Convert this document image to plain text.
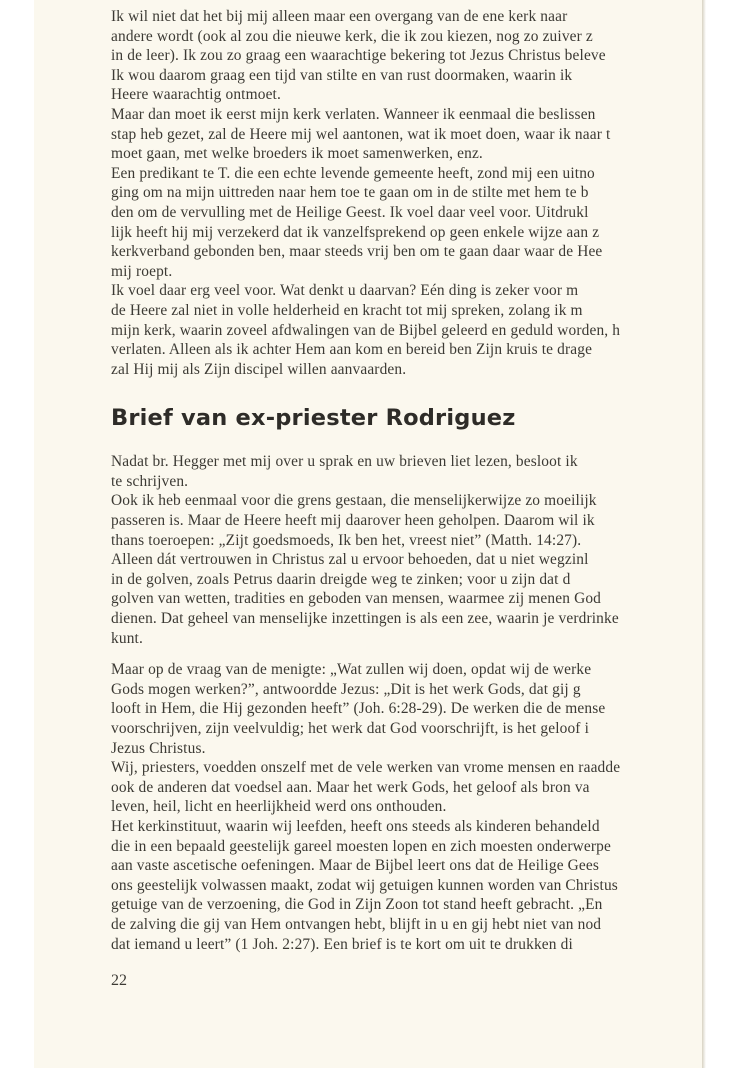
Ik wil niet dat het bij mij alleen maar een overgang van de ene kerk naar
andere wordt (ook al zou die nieuwe kerk, die ik zou kiezen, nog zo zuiver z
in de leer). Ik zou zo graag een waarachtige bekering tot Jezus Christus beleve
Ik wou daarom graag een tijd van stilte en van rust doormaken, waarin ik
Heere waarachtig ontmoet.

Maar dan moet ik eerst mijn kerk verlaten. Wanneer ik eenmaal die beslissen
stap heb gezet, zal de Heere mij wel aantonen, wat ik moet doen, waar ik naar t
moet gaan, met welke broeders ik moet samenwerken, enz.

Een predikant te T. die een echte levende gemeente heeft, zond mij een uitno
ging om na mijn uittreden naar hem toe te gaan om in de stilte met hem te b
den om de vervulling met de Heilige Geest. Ik voel daar veel voor. Uitdrukl
lijk heeft hij mij verzekerd dat ik vanzelfsprekend op geen enkele wijze aan z
kerkverband gebonden ben, maar steeds vrij ben om te gaan daar waar de Hee
mij roept.

Ik voel daar erg veel voor. Wat denkt u daarvan? Eén ding is zeker voor m
de Heere zal niet in volle helderheid en kracht tot mij spreken, zolang ik m
mijn kerk, waarin zoveel afdwalingen van de Bijbel geleerd en geduld worden, h
verlaten. Alleen als ik achter Hem aan kom en bereid ben Zijn kruis te drage
zal Hij mij als Zijn discipel willen aanvaarden.

Brief van ex-priester Rodriguez

Nadat br. Hegger met mij over u sprak en uw brieven liet lezen, besloot ik
te schrijven.

Ook ik heb eenmaal voor die grens gestaan, die menselijkerwijze zo moeilijk
passeren is. Maar de Heere heeft mij daarover heen geholpen. Daarom wil ik
thans toeroepen: „Zijt goedsmoeds, Ik ben het, vreest niet” (Matth. 14:27).
Alleen dát vertrouwen in Christus zal u ervoor behoeden, dat u niet wegzinl
in de golven, zoals Petrus daarin dreigde weg te zinken; voor u zijn dat d
golven van wetten, tradities en geboden van mensen, waarmee zij menen God
dienen. Dat geheel van menselijke inzettingen is als een zee, waarin je verdrinke
kunt.

Maar op de vraag van de menigte: „Wat zullen wij doen, opdat wij de werke
Gods mogen werken?”, antwoordde Jezus: „Dit is het werk Gods, dat gij g
looft in Hem, die Hij gezonden heeft” (Joh. 6:28-29). De werken die de mense
voorschrijven, zijn veelvuldig; het werk dat God voorschrijft, is het geloof i
Jezus Christus.

Wij, priesters, voedden onszelf met de vele werken van vrome mensen en raadde
ook de anderen dat voedsel aan. Maar het werk Gods, het geloof als bron va
leven, heil, licht en heerlijkheid werd ons onthouden.

Het kerkinstituut, waarin wij leefden, heeft ons steeds als kinderen behandeld
die in een bepaald geestelijk gareel moesten lopen en zich moesten onderwerpe
aan vaste ascetische oefeningen. Maar de Bijbel leert ons dat de Heilige Gees
ons geestelijk volwassen maakt, zodat wij getuigen kunnen worden van Christus
getuige van de verzoening, die God in Zijn Zoon tot stand heeft gebracht. „En
de zalving die gij van Hem ontvangen hebt, blijft in u en gij hebt niet van nod
dat iemand u leert” (1 Joh. 2:27). Een brief is te kort om uit te drukken di

22
